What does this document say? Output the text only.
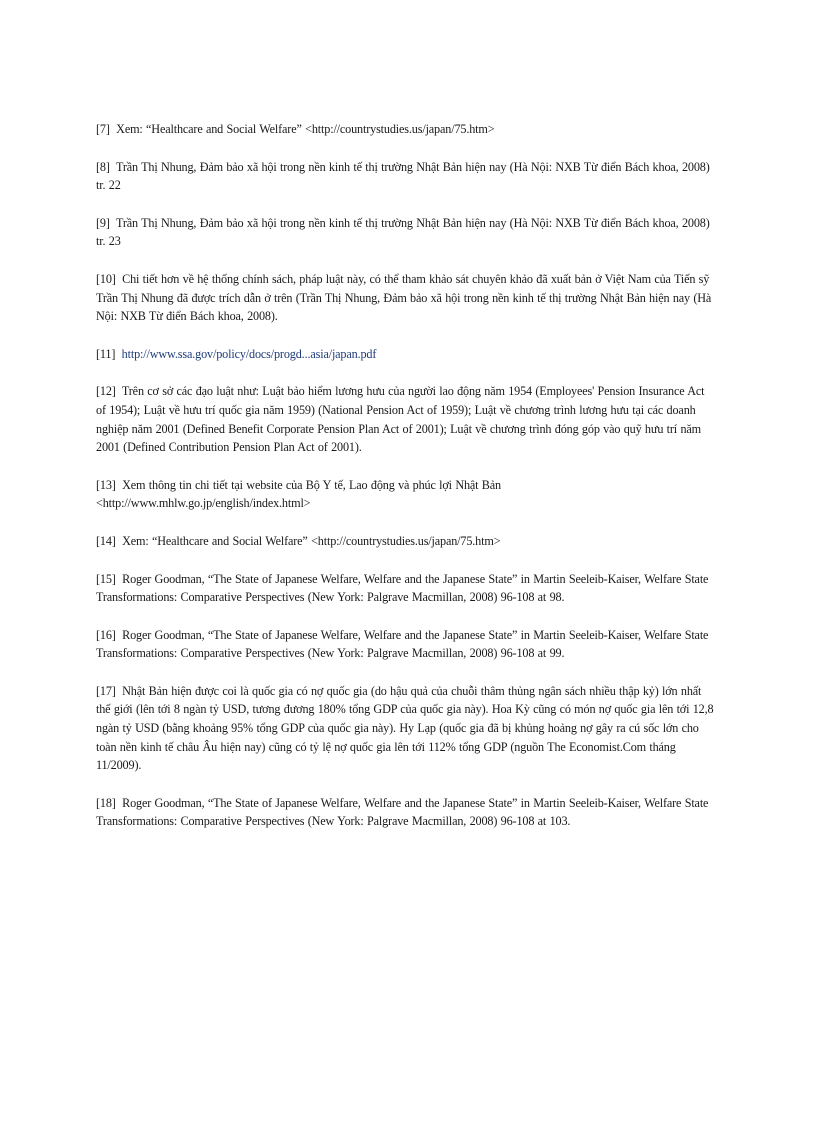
[7] Xem: “Healthcare and Social Welfare” <http://countrystudies.us/japan/75.htm>

[8] Trần Thị Nhung, Đảm bảo xã hội trong nền kinh tế thị trường Nhật Bản hiện nay (Hà Nội: NXB Từ điển Bách khoa, 2008) tr. 22

[9] Trần Thị Nhung, Đảm bảo xã hội trong nền kinh tế thị trường Nhật Bản hiện nay (Hà Nội: NXB Từ điển Bách khoa, 2008) tr. 23

[10] Chi tiết hơn về hệ thống chính sách, pháp luật này, có thể tham khảo sát chuyên khảo đã xuất bản ở Việt Nam của Tiến sỹ Trần Thị Nhung đã được trích dẫn ở trên (Trần Thị Nhung, Đảm bảo xã hội trong nền kinh tế thị trường Nhật Bản hiện nay (Hà Nội: NXB Từ điển Bách khoa, 2008).

[11] http://www.ssa.gov/policy/docs/progd...asia/japan.pdf

[12] Trên cơ sở các đạo luật như: Luật bảo hiểm lương hưu của người lao động năm 1954 (Employees' Pension Insurance Act of 1954); Luật về hưu trí quốc gia năm 1959) (National Pension Act of 1959); Luật về chương trình lương hưu tại các doanh nghiệp năm 2001 (Defined Benefit Corporate Pension Plan Act of 2001); Luật về chương trình đóng góp vào quỹ hưu trí năm 2001 (Defined Contribution Pension Plan Act of 2001).

[13] Xem thông tin chi tiết tại website của Bộ Y tế, Lao động và phúc lợi Nhật Bản <http://www.mhlw.go.jp/english/index.html>

[14] Xem: “Healthcare and Social Welfare” <http://countrystudies.us/japan/75.htm>

[15] Roger Goodman, “The State of Japanese Welfare, Welfare and the Japanese State” in Martin Seeleib-Kaiser, Welfare State Transformations: Comparative Perspectives (New York: Palgrave Macmillan, 2008) 96-108 at 98.

[16] Roger Goodman, “The State of Japanese Welfare, Welfare and the Japanese State” in Martin Seeleib-Kaiser, Welfare State Transformations: Comparative Perspectives (New York: Palgrave Macmillan, 2008) 96-108 at 99.

[17] Nhật Bản hiện được coi là quốc gia có nợ quốc gia (do hậu quả của chuỗi thâm thủng ngân sách nhiều thập kỷ) lớn nhất thế giới (lên tới 8 ngàn tỷ USD, tương đương 180% tổng GDP của quốc gia này). Hoa Kỳ cũng có món nợ quốc gia lên tới 12,8 ngàn tỷ USD (bằng khoảng 95% tổng GDP của quốc gia này). Hy Lạp (quốc gia đã bị khủng hoảng nợ gây ra cú sốc lớn cho toàn nền kinh tế châu Âu hiện nay) cũng có tỷ lệ nợ quốc gia lên tới 112% tổng GDP (nguồn The Economist.Com tháng 11/2009).

[18] Roger Goodman, “The State of Japanese Welfare, Welfare and the Japanese State” in Martin Seeleib-Kaiser, Welfare State Transformations: Comparative Perspectives (New York: Palgrave Macmillan, 2008) 96-108 at 103.
